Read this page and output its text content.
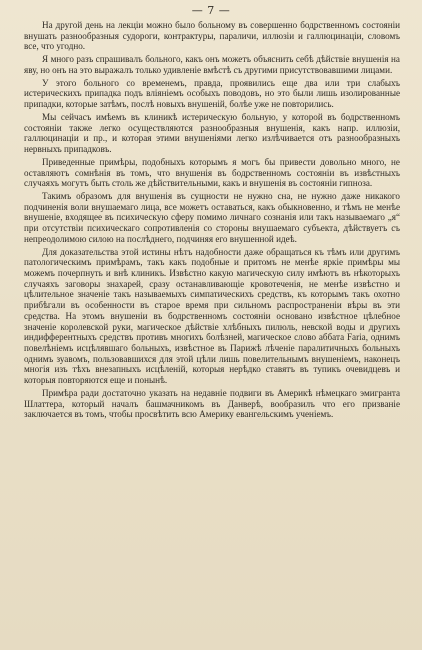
— 7 —

На другой день на лекціи можно было больному въ совершенно бодрственномъ состояніи внушать разнообразныя судороги, контрактуры, параличи, иллюзіи и галлюцинаціи, словомъ все, что угодно.

Я много разъ спрашивалъ больного, какъ онъ можетъ объяснить себѣ дѣйствіе внушенія на яву, но онъ на это выражалъ только удивленіе вмѣстѣ съ другими присутствовавшими лицами.

У этого больного со временемъ, правда, проявились еще два или три слабыхъ истерическихъ припадка подъ вліяніемъ особыхъ поводовъ, но это были лишь изолированные припадки, которые затѣмъ, послѣ новыхъ внушеній, болѣе уже не повторились.

Мы сейчасъ имѣемъ въ клиникѣ истерическую больную, у которой въ бодрственномъ состояніи также легко осуществляются разнообразныя внушенія, какъ напр. иллюзіи, галлюцинаціи и пр., и которая этими внушеніями легко излѣчивается отъ разнообразныхъ нервныхъ припадковъ.

Приведенные примѣры, подобныхъ которымъ я могъ бы привести довольно много, не оставляютъ сомнѣнія въ томъ, что внушенія въ бодрственномъ состояніи въ извѣстныхъ случаяхъ могутъ быть столь же дѣйствительными, какъ и внушенія въ состояніи гипноза.

Такимъ образомъ для внушенія въ сущности не нужно сна, не нужно даже никакого подчиненія воли внушаемаго лица, все можетъ оставаться, какъ обыкновенно, и тѣмъ не менѣе внушеніе, входящее въ психическую сферу помимо личнаго сознанія или такъ называемаго „я“ при отсутствіи психическаго сопротивленія со стороны внушаемаго субъекта, дѣйствуетъ съ непреодолимою силою на послѣднего, подчиняя его внушенной идеѣ.

Для доказательства этой истины нѣтъ надобности даже обращаться къ тѣмъ или другимъ патологическимъ примѣрамъ, такъ какъ подобные и притомъ не менѣе яркіе примѣры мы можемъ почерпнуть и внѣ клиникъ. Извѣстно какую магическую силу имѣютъ въ нѣкоторыхъ случаяхъ заговоры знахарей, сразу останавливающіе кровотеченія, не менѣе извѣстно и цѣлительное значеніе такъ называемыхъ симпатическихъ средствъ, къ которымъ такъ охотно прибѣгали въ особенности въ старое время при сильномъ распространеніи вѣры въ эти средства. На этомъ внушеніи въ бодрственномъ состояніи основано извѣстное цѣлебное значеніе королевской руки, магическое дѣйствіе хлѣбныхъ пилюль, невской воды и другихъ индифферентныхъ средствъ противъ многихъ болѣзней, магическое слово аббата Fariа, однимъ повелѣніемъ исцѣлявшаго больныхъ, извѣстное въ Парижѣ лѣченіе паралитичныхъ больныхъ однимъ зуавомъ, пользовавшихся для этой цѣли лишь повелительнымъ внушеніемъ, наконецъ многія изъ тѣхъ внезапныхъ исцѣленій, которыя нерѣдко ставятъ въ тупикъ очевидцевъ и которыя повторяются еще и понынѣ.

Примѣра ради достаточно указать на недавніе подвиги въ Америкѣ нѣмецкаго эмигранта Шлаттера, который началъ башмачникомъ въ Данверѣ, вообразилъ что его призваніе заключается въ томъ, чтобы просвѣтить всю Америку евангельскимъ ученіемъ.
